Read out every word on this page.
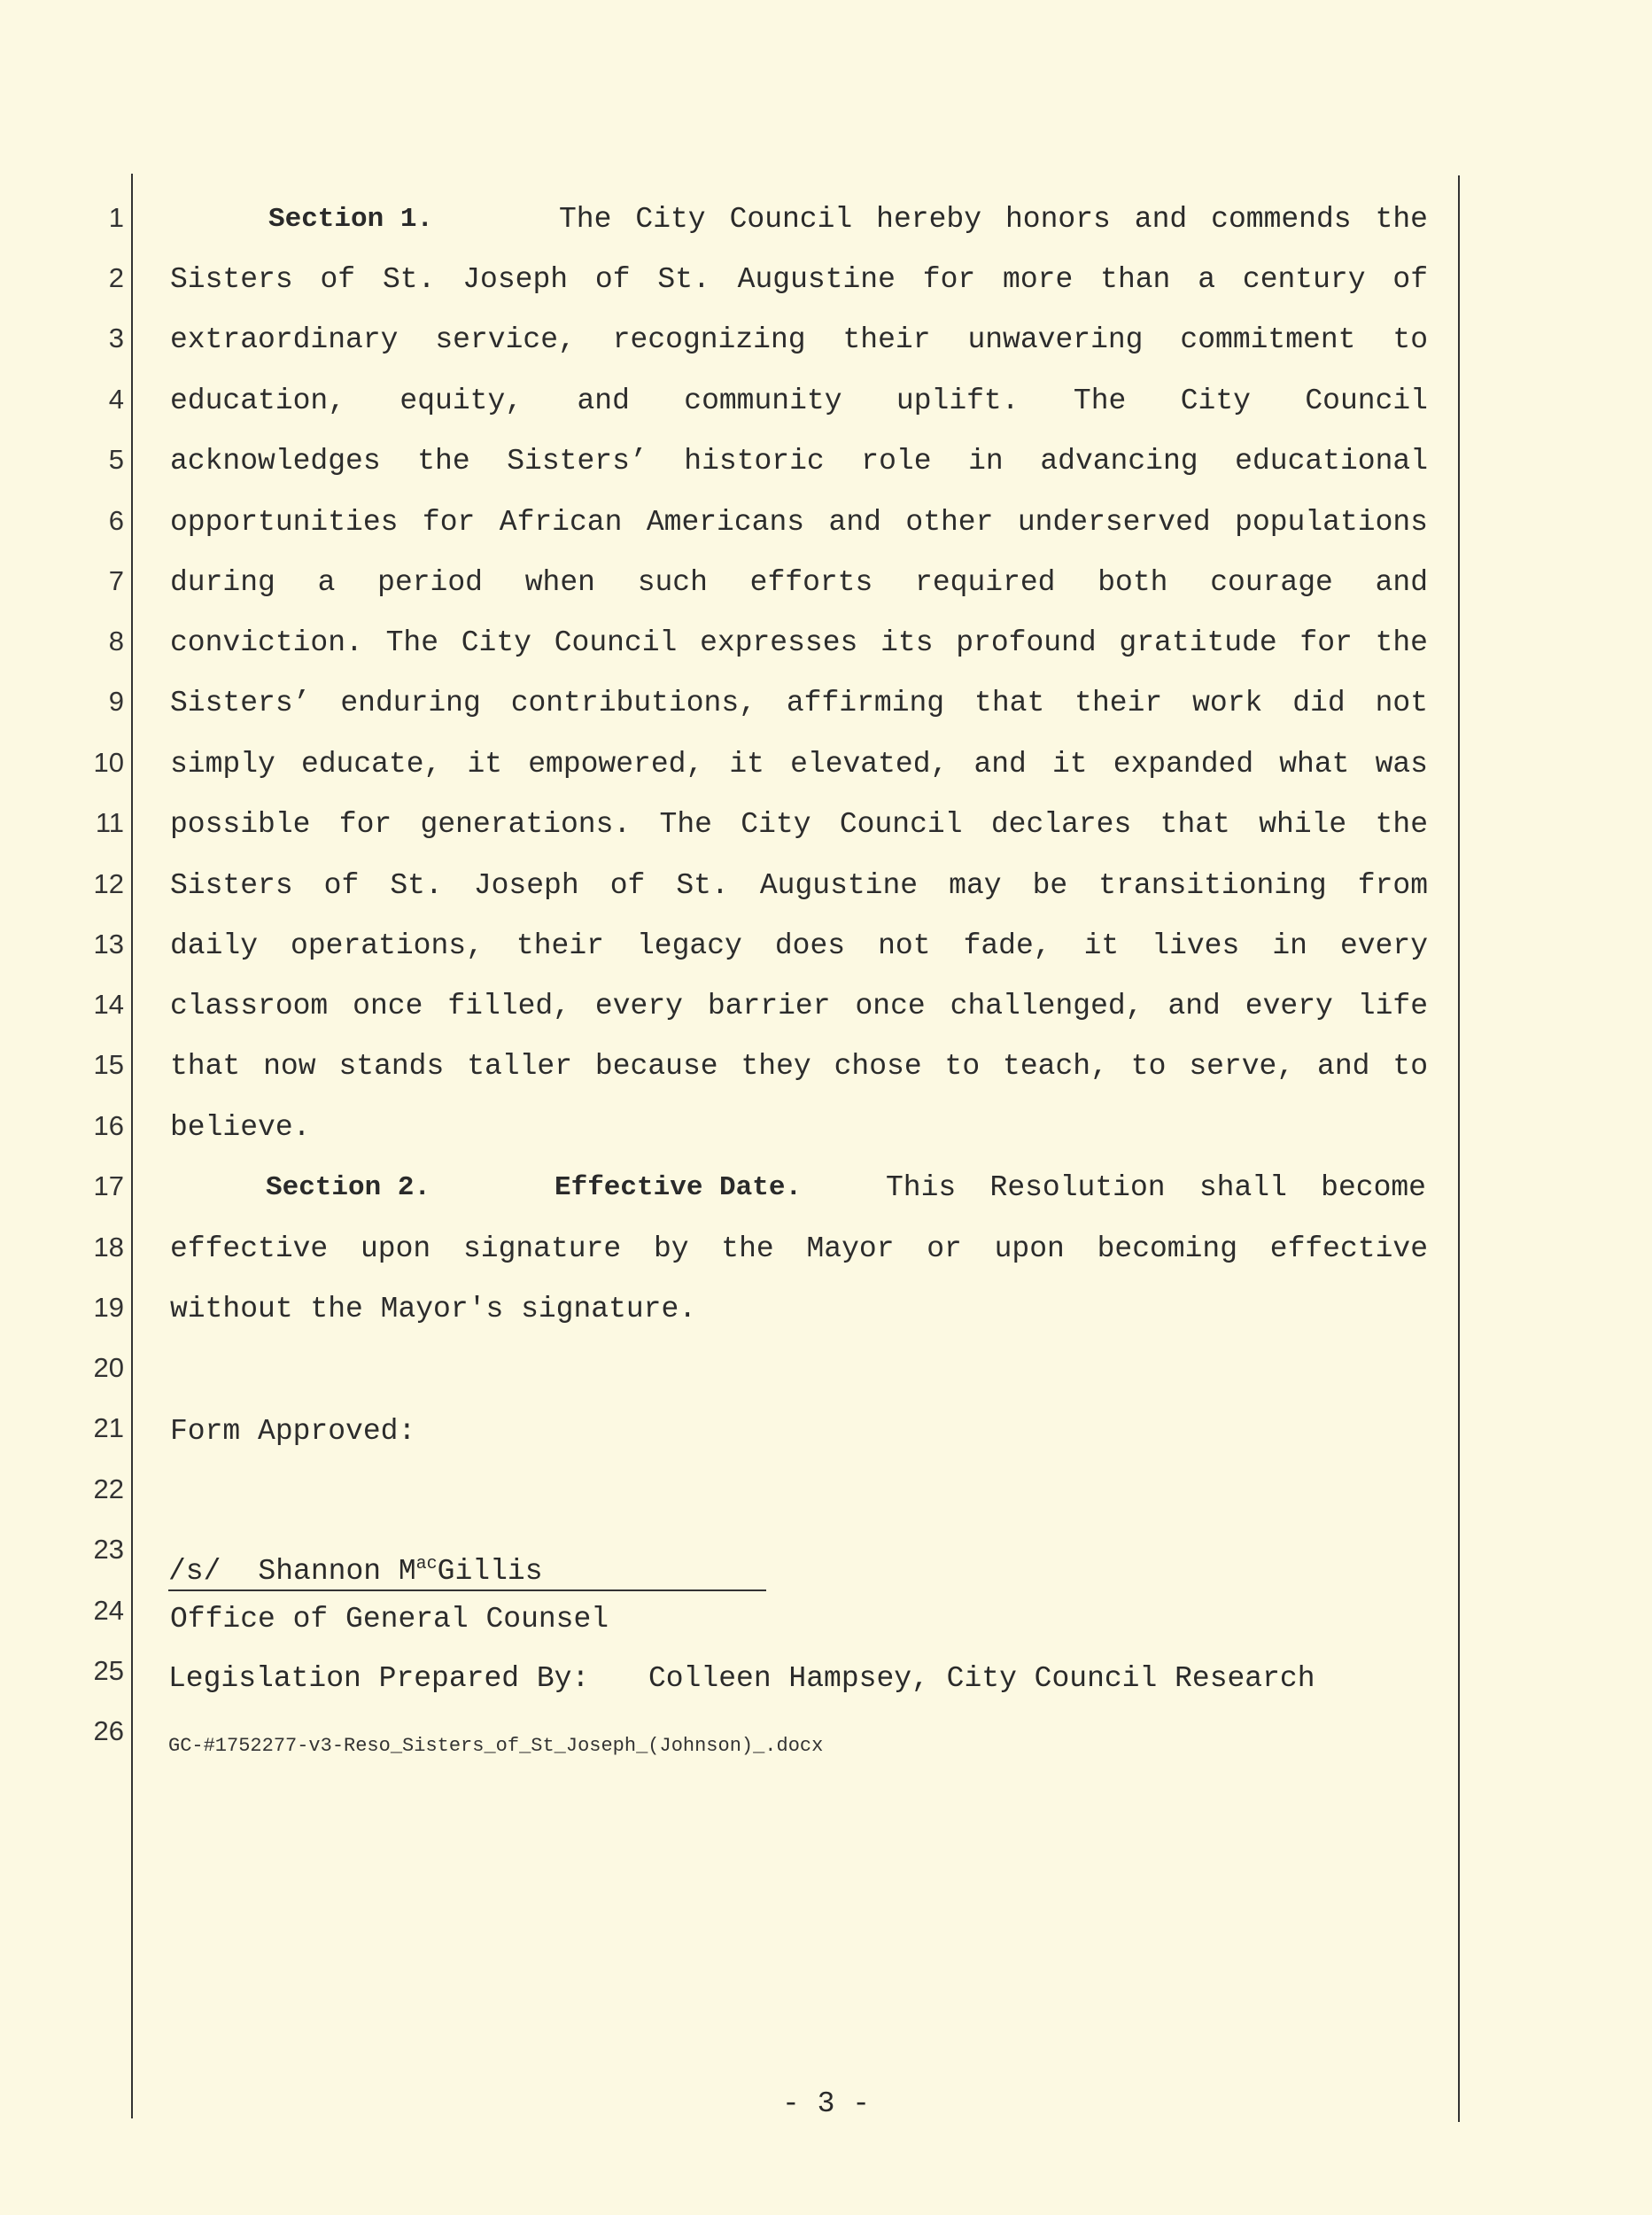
1
2
3
4
5
6
7
8
9
10
11
12
13
14
15
16
17
18
19
20
21
22
23
24
25
26
Section 1.	The City Council hereby honors and commends the
Sisters of St. Joseph of St. Augustine for more than a century of
extraordinary service, recognizing their unwavering commitment to
education, equity, and community uplift. The City Council
acknowledges the Sisters’ historic role in advancing educational
opportunities for African Americans and other underserved populations
during a period when such efforts required both courage and
conviction. The City Council expresses its profound gratitude for the
Sisters’ enduring contributions, affirming that their work did not
simply educate, it empowered, it elevated, and it expanded what was
possible for generations. The City Council declares that while the
Sisters of St. Joseph of St. Augustine may be transitioning from
daily operations, their legacy does not fade, it lives in every
classroom once filled, every barrier once challenged, and every life
that now stands taller because they chose to teach, to serve, and to
believe.
Section 2.	Effective Date.	This Resolution shall become
effective upon signature by the Mayor or upon becoming effective
without the Mayor's signature.
Form Approved:
/s/ Shannon $M^{ac}Gillis$
Office of General Counsel
Legislation Prepared By: Colleen Hampsey, City Council Research
GC-#1752277-v3-Reso_Sisters_of_St_Joseph_(Johnson)_.docx
- 3 -
